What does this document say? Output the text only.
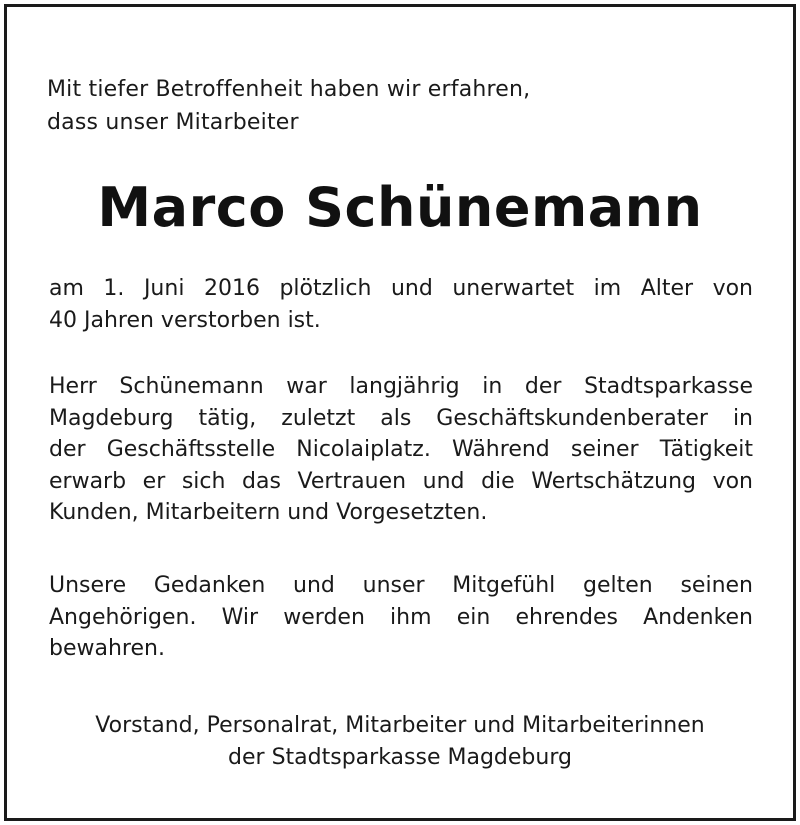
Mit tiefer Betroffenheit haben wir erfahren,
dass unser Mitarbeiter
Marco Schünemann
am 1. Juni 2016 plötzlich und unerwartet im Alter von
40 Jahren verstorben ist.
Herr Schünemann war langjährig in der Stadtsparkasse
Magdeburg tätig, zuletzt als Geschäftskundenberater in
der Geschäftsstelle Nicolaiplatz. Während seiner Tätigkeit
erwarb er sich das Vertrauen und die Wertschätzung von
Kunden, Mitarbeitern und Vorgesetzten.
Unsere Gedanken und unser Mitgefühl gelten seinen
Angehörigen. Wir werden ihm ein ehrendes Andenken
bewahren.
Vorstand, Personalrat, Mitarbeiter und Mitarbeiterinnen
der Stadtsparkasse Magdeburg
